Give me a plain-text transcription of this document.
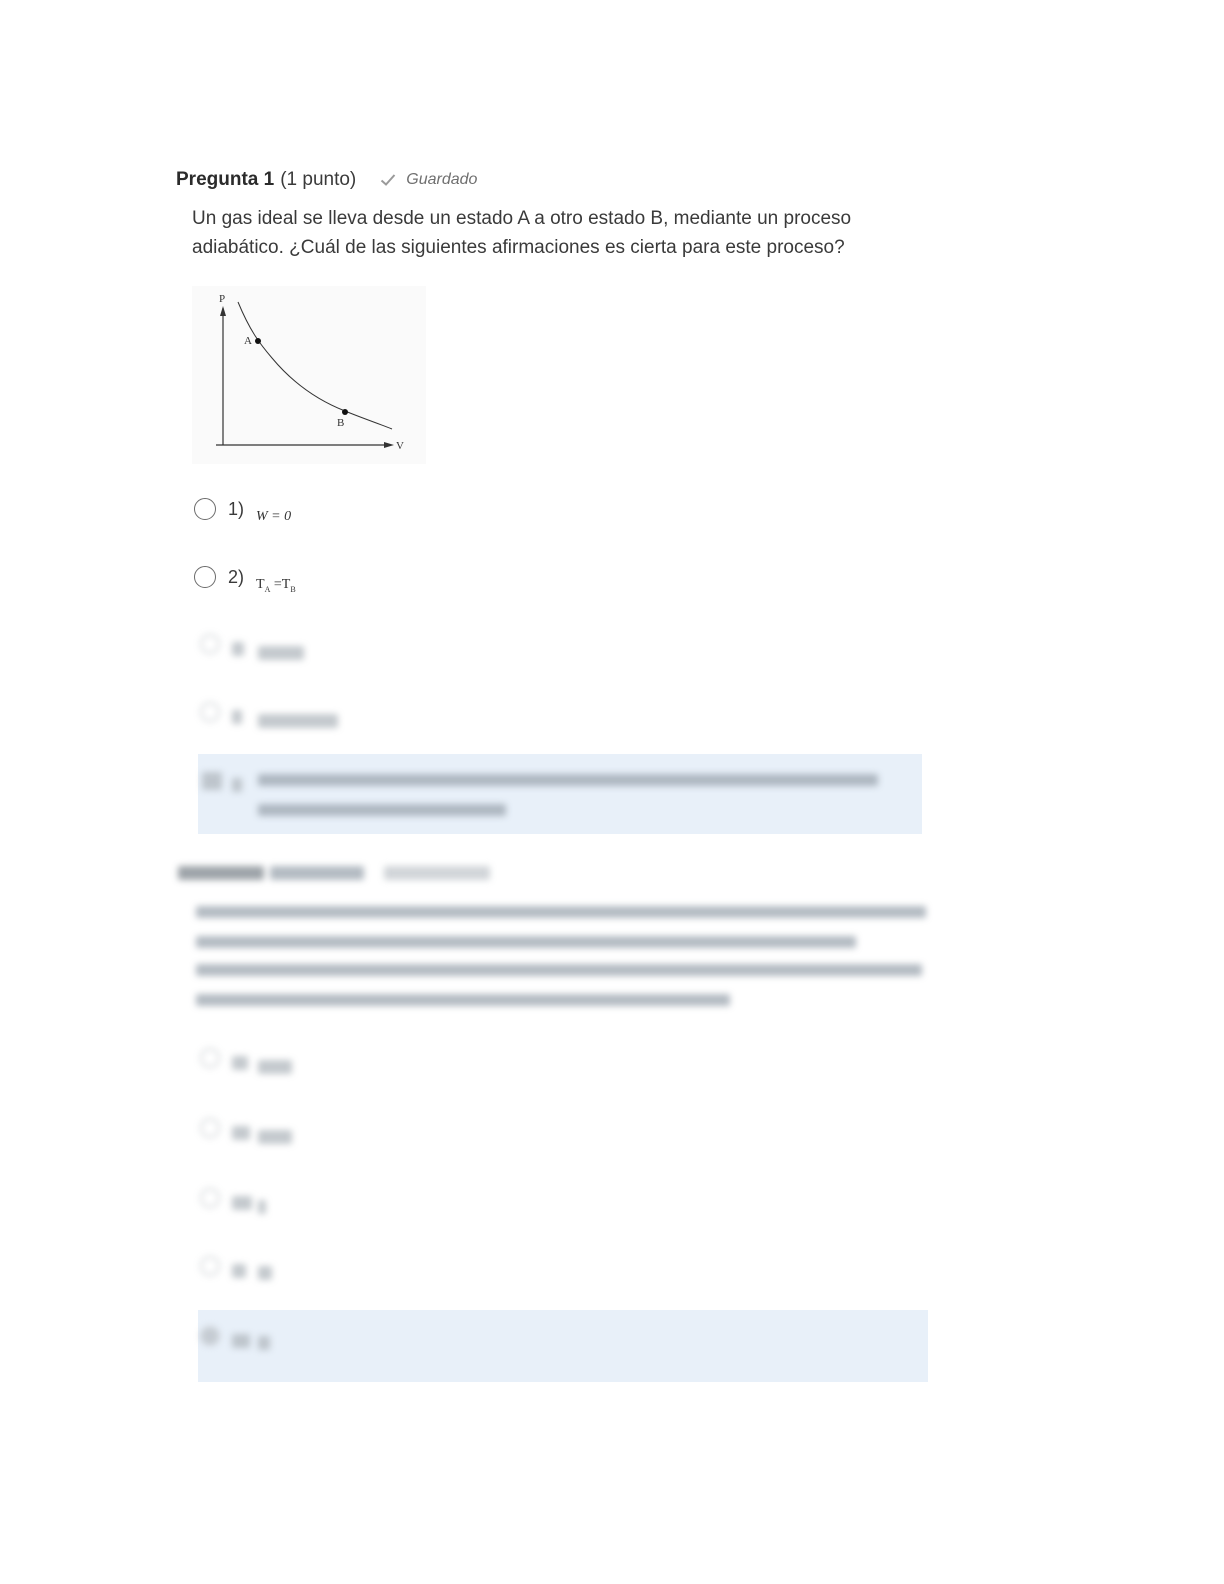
Pregunta 1 (1 punto)	Guardado
Un gas ideal se lleva desde un estado A a otro estado B, mediante un proceso adiabático. ¿Cuál de las siguientes afirmaciones es cierta para este proceso?
P
V
A
B
1) W = 0
2) $T_A =T_B$
